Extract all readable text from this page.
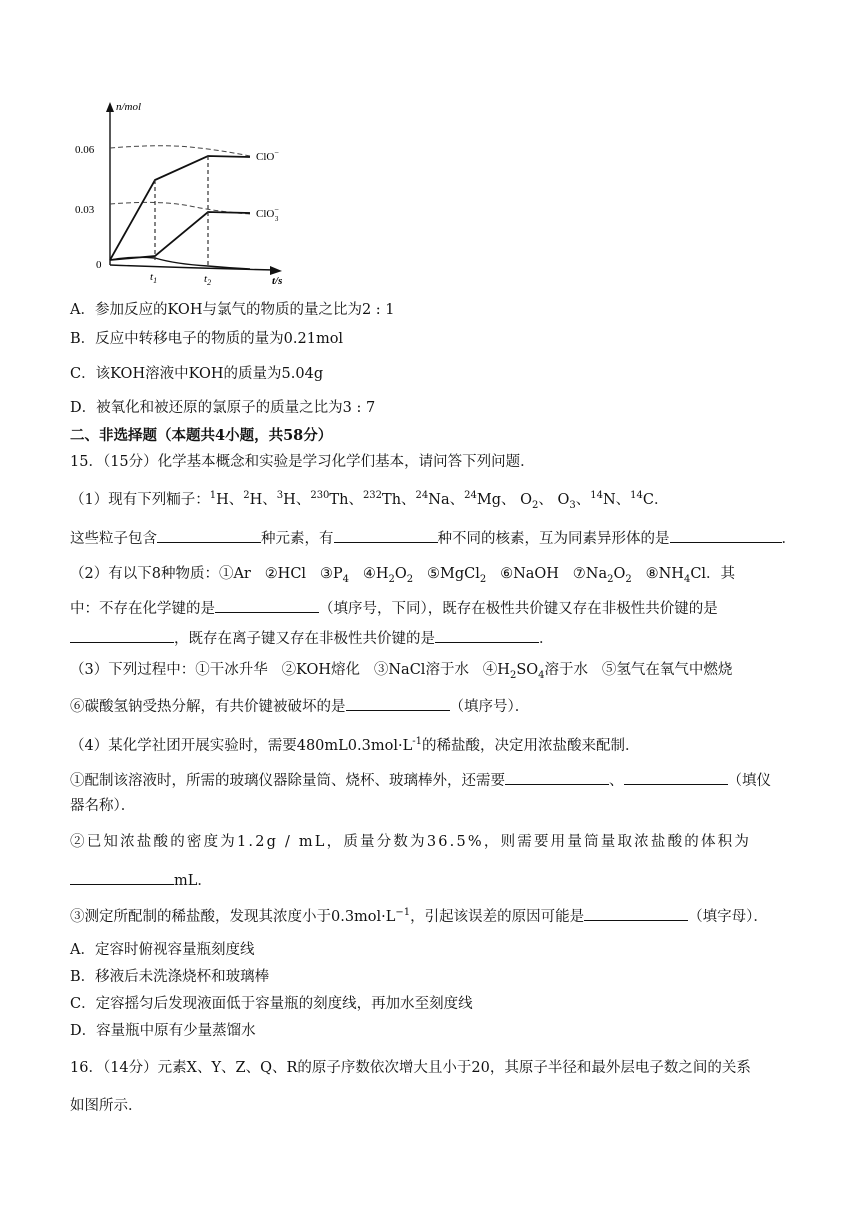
n/mol
t/s
0
0.06
0.03
$t_1$	$t_2$
ClO−
ClO− 3
A．参加反应的KOH与氯气的物质的量之比为2 : 1
B．反应中转移电子的物质的量为0.21mol
C．该KOH溶液中KOH的质量为5.04g
D．被氧化和被还原的氯原子的质量之比为3 : 7
二、非选择题（本题共4小题，共58分）
15．（15分）化学基本概念和实验是学习化学们基本，请问答下列问题．
（1）现有下列粫子：$^1$H、$^2$H、$^3$H、$^{230}$Th、$^{232}$Th、$^{24}$Na、$^{24}$Mg、 $O_2$、 $O_3$、$^{14}$N、$^{14}$C．
这些粒子包含	种元素，有	种不同的核素，互为同素异形体的是	．
（2）有以下8种物质：①Ar ②HCl $③P_4$ $④H_2O_2$ ⑤MgCl$_2$ ⑥NaOH $⑦Na_2O_2$ $⑧NH_4Cl$．其
中：不存在化学键的是	（填序号，下同），既存在极性共价键又存在非极性共价键的是
，既存在离子键又存在非极性共价键的是	．
（3）下列过程中：①干冰升华 ②KOH熔化 ③NaCl溶于水 $④H_2SO_4$溶于水 ⑤氢气在氧气中燃烧
⑥碳酸氢钠受热分解，有共价键被破坏的是	（填序号）．
（4）某化学社团开展实验时，需要$480mL0.3mol\cdot L^{-1}$的稀盐酸，决定用浓盐酸来配制．
①配制该溶液时，所需的玻璃仪器除量筒、烧杯、玻璃棒外，还需要	、	（填仪
器名称）．
②已知浓盐酸的密度为1.2g / mL，质量分数为36.5%，则需要用量筒量取浓盐酸的体积为
mL．
③测定所配制的稀盐酸，发现其浓度小于$0.3mol\cdot L^{-1}$，引起该误差的原因可能是	（填字母）．
A．定容时俯视容量瓶刻度线
B．移液后未洗涤烧杯和玻璃棒
C．定容摇匀后发现液面低于容量瓶的刻度线，再加水至刻度线
D．容量瓶中原有少量蒸馏水
16．（14分）元素X、Y、Z、Q、R的原子序数依次增大且小于20，其原子半径和最外层电子数之间的关系
如图所示．
